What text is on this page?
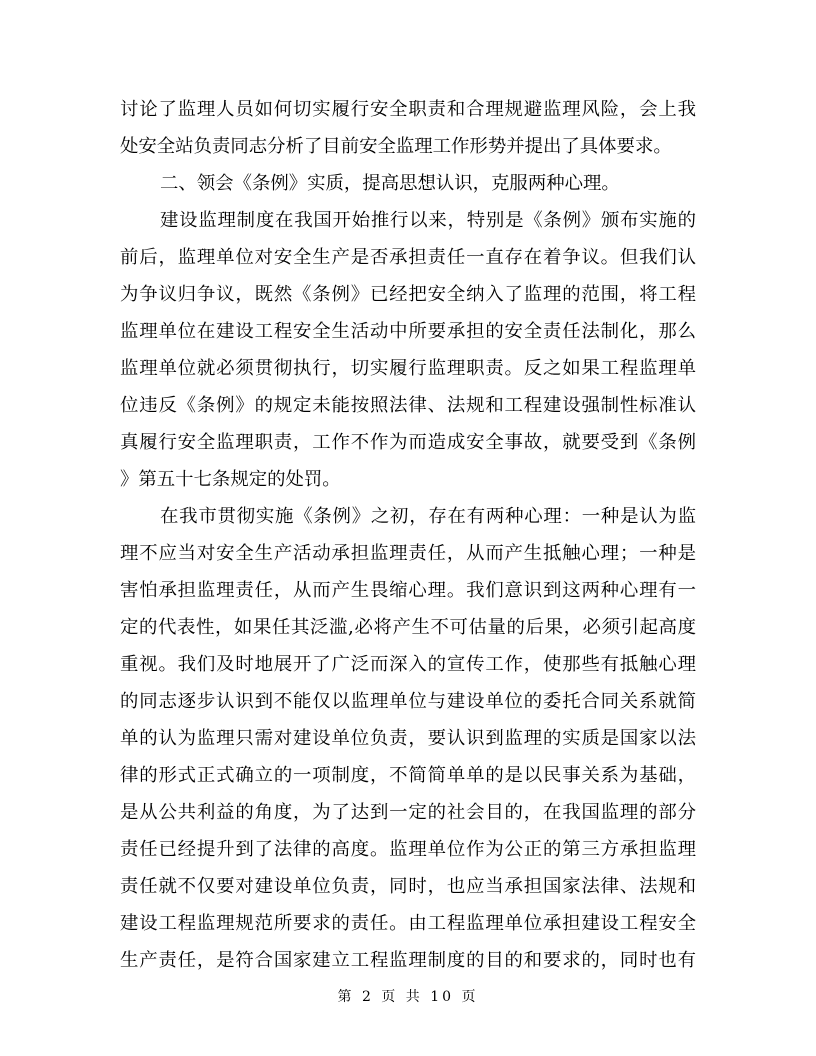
讨论了监理人员如何切实履行安全职责和合理规避监理风险，会上我
处安全站负责同志分析了目前安全监理工作形势并提出了具体要求。
二、领会《条例》实质，提高思想认识，克服两种心理。
建设监理制度在我国开始推行以来，特别是《条例》颁布实施的
前后，监理单位对安全生产是否承担责任一直存在着争议。但我们认
为争议归争议，既然《条例》已经把安全纳入了监理的范围，将工程
监理单位在建设工程安全生活动中所要承担的安全责任法制化，那么
监理单位就必须贯彻执行，切实履行监理职责。反之如果工程监理单
位违反《条例》的规定未能按照法律、法规和工程建设强制性标准认
真履行安全监理职责，工作不作为而造成安全事故，就要受到《条例
》第五十七条规定的处罚。
在我市贯彻实施《条例》之初，存在有两种心理：一种是认为监
理不应当对安全生产活动承担监理责任，从而产生抵触心理；一种是
害怕承担监理责任，从而产生畏缩心理。我们意识到这两种心理有一
定的代表性，如果任其泛滥,必将产生不可估量的后果，必须引起高度
重视。我们及时地展开了广泛而深入的宣传工作，使那些有抵触心理
的同志逐步认识到不能仅以监理单位与建设单位的委托合同关系就简
单的认为监理只需对建设单位负责，要认识到监理的实质是国家以法
律的形式正式确立的一项制度，不简简单单的是以民事关系为基础，
是从公共利益的角度，为了达到一定的社会目的，在我国监理的部分
责任已经提升到了法律的高度。监理单位作为公正的第三方承担监理
责任就不仅要对建设单位负责，同时，也应当承担国家法律、法规和
建设工程监理规范所要求的责任。由工程监理单位承担建设工程安全
生产责任，是符合国家建立工程监理制度的目的和要求的，同时也有
第 2 页 共 10 页
